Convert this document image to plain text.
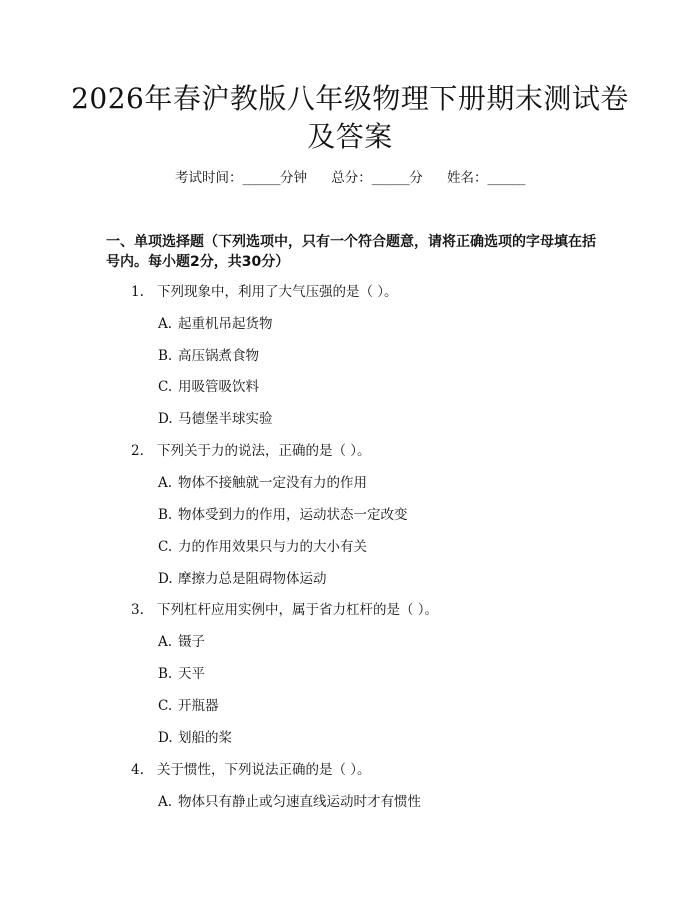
2026年春沪教版八年级物理下册期末测试卷
及答案
考试时间：______分钟 总分：______分 姓名：______
一、单项选择题（下列选项中，只有一个符合题意，请将正确选项的字母填在括
号内。每小题2分，共30分）
1. 下列现象中，利用了大气压强的是（ ）。
A. 起重机吊起货物
B. 高压锅煮食物
C. 用吸管吸饮料
D. 马德堡半球实验
2. 下列关于力的说法，正确的是（ ）。
A. 物体不接触就一定没有力的作用
B. 物体受到力的作用，运动状态一定改变
C. 力的作用效果只与力的大小有关
D. 摩擦力总是阻碍物体运动
3. 下列杠杆应用实例中，属于省力杠杆的是（ ）。
A. 镊子
B. 天平
C. 开瓶器
D. 划船的桨
4. 关于惯性，下列说法正确的是（ ）。
A. 物体只有静止或匀速直线运动时才有惯性
